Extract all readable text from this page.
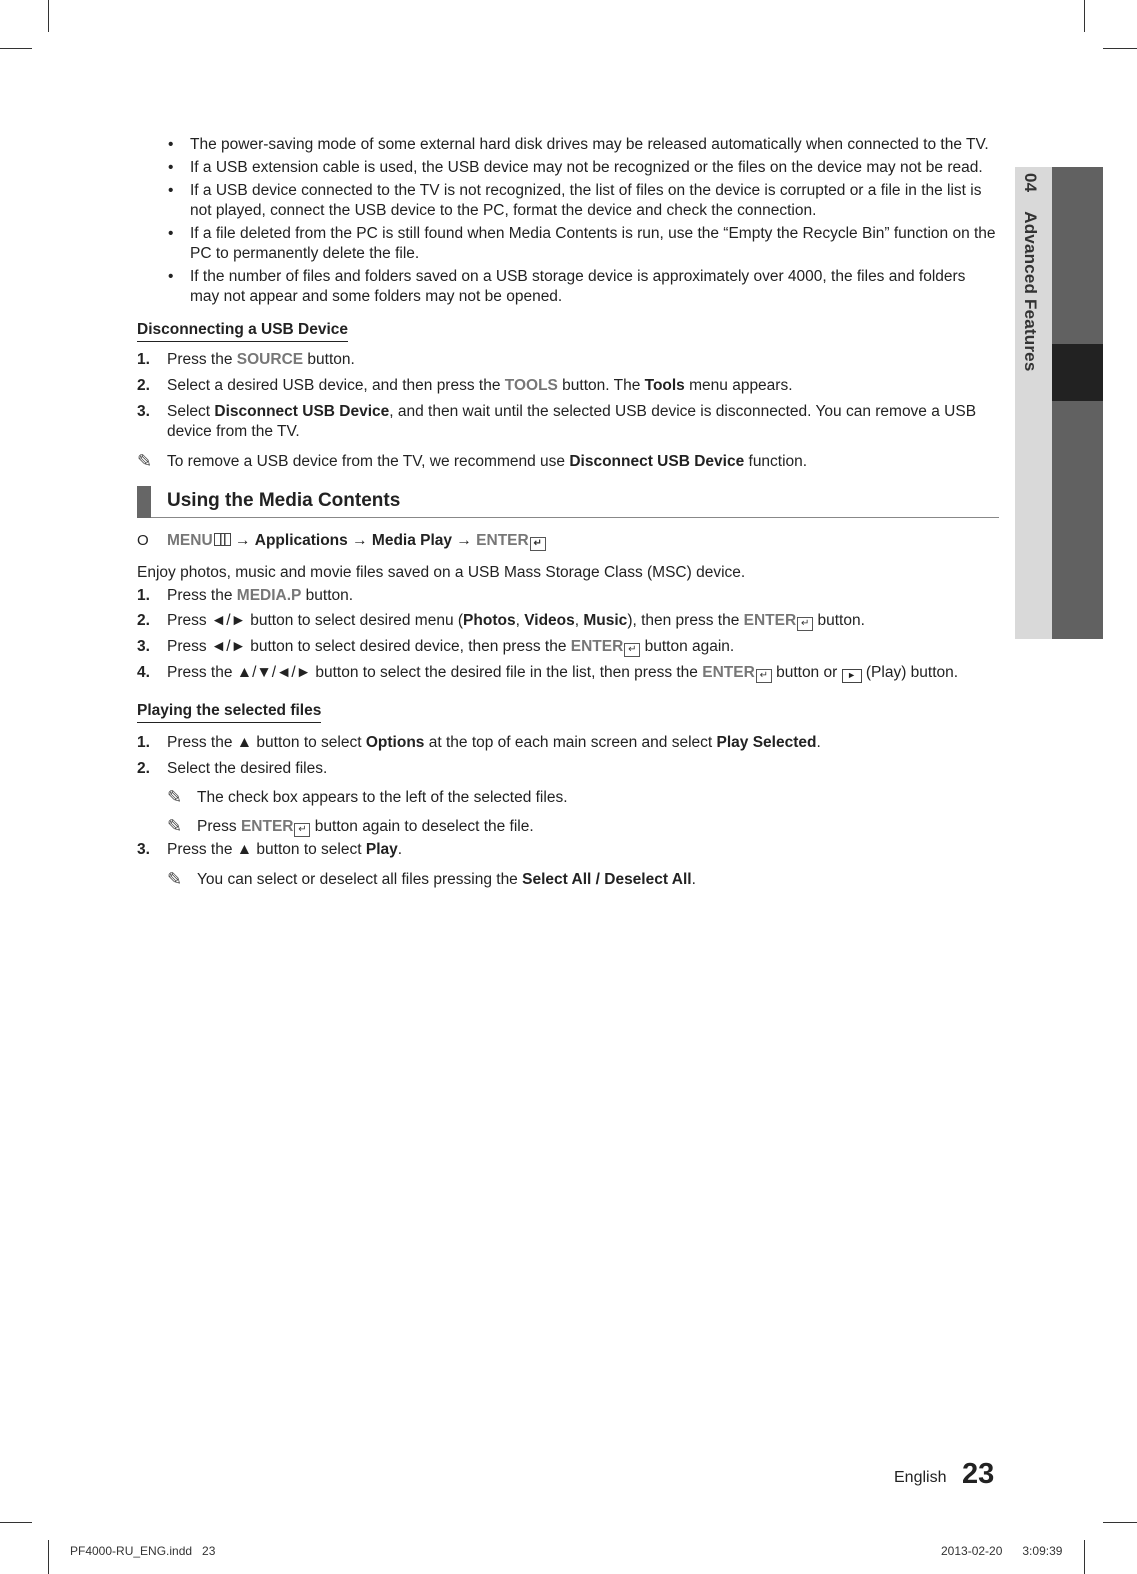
04 Advanced Features
• The power-saving mode of some external hard disk drives may be released automatically when connected to the TV.
• If a USB extension cable is used, the USB device may not be recognized or the files on the device may not be read.
• If a USB device connected to the TV is not recognized, the list of files on the device is corrupted or a file in the list is not played, connect the USB device to the PC, format the device and check the connection.
• If a file deleted from the PC is still found when Media Contents is run, use the “Empty the Recycle Bin” function on the PC to permanently delete the file.
• If the number of files and folders saved on a USB storage device is approximately over 4000, the files and folders may not appear and some folders may not be opened.
Disconnecting a USB Device
1. Press the SOURCE button.
2. Select a desired USB device, and then press the TOOLS button. The Tools menu appears.
3. Select Disconnect USB Device, and then wait until the selected USB device is disconnected. You can remove a USB device from the TV.
✎ To remove a USB device from the TV, we recommend use Disconnect USB Device function.
Using the Media Contents
O MENU → Applications → Media Play → ENTER ↵

Enjoy photos, music and movie files saved on a USB Mass Storage Class (MSC) device.

1. Press the MEDIA.P button.
2. Press ◄/► button to select desired menu (Photos, Videos, Music), then press the ENTER ↵ button.
3. Press ◄/► button to select desired device, then press the ENTER ↵ button again.
4. Press the ▲/▼/◄/► button to select the desired file in the list, then press the ENTER ↵ button or ► (Play) button.
Playing the selected files
1. Press the ▲ button to select Options at the top of each main screen and select Play Selected.
2. Select the desired files.
✎ The check box appears to the left of the selected files.
✎ Press ENTER ↵ button again to deselect the file.
3. Press the ▲ button to select Play.
✎ You can select or deselect all files pressing the Select All / Deselect All.
English 23
PF4000-RU_ENG.indd   23	2013-02-20      3:09:39
